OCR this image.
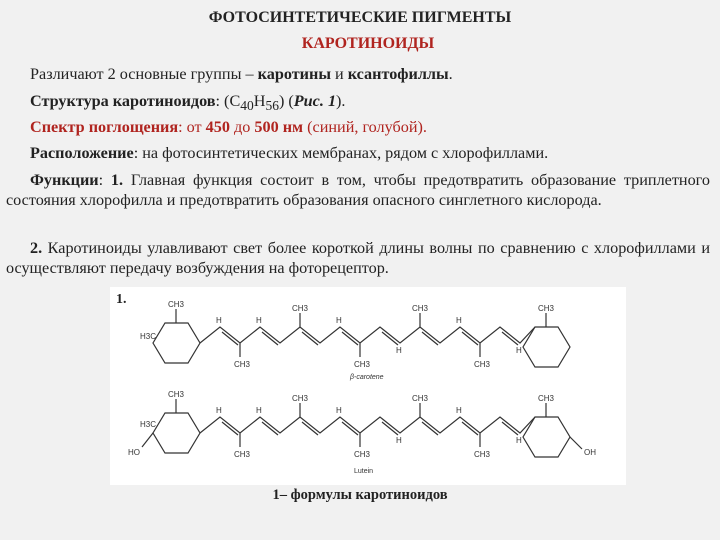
ФОТОСИНТЕТИЧЕСКИЕ ПИГМЕНТЫ
КАРОТИНОИДЫ
Различают 2 основные группы – каротины и ксантофиллы.
Структура каротиноидов: $(C_{40}H_{56})$ (Рис. 1).
Спектр поглощения: от 450 до 500 нм (синий, голубой).
Расположение: на фотосинтетических мембранах, рядом с хлорофиллами.
Функции: 1. Главная функция состоит в том, чтобы предотвратить образование триплетного состояния хлорофилла и предотвратить образования опасного синглетного кислорода.
2. Каротиноиды улавливают свет более короткой длины волны по сравнению с хлорофиллами и осуществляют передачу возбуждения на фоторецептор.
CH3
H3C
CH3
CH3
CH3
CH3
CH3
CH3
H	H	H
H
H
H
β-carotene
CH3
H3C
HO	CH3
CH3
CH3
CH3
CH3
CH3
OH
H	H	H
H
H
H
Lutein
1.
1– формулы каротиноидов
